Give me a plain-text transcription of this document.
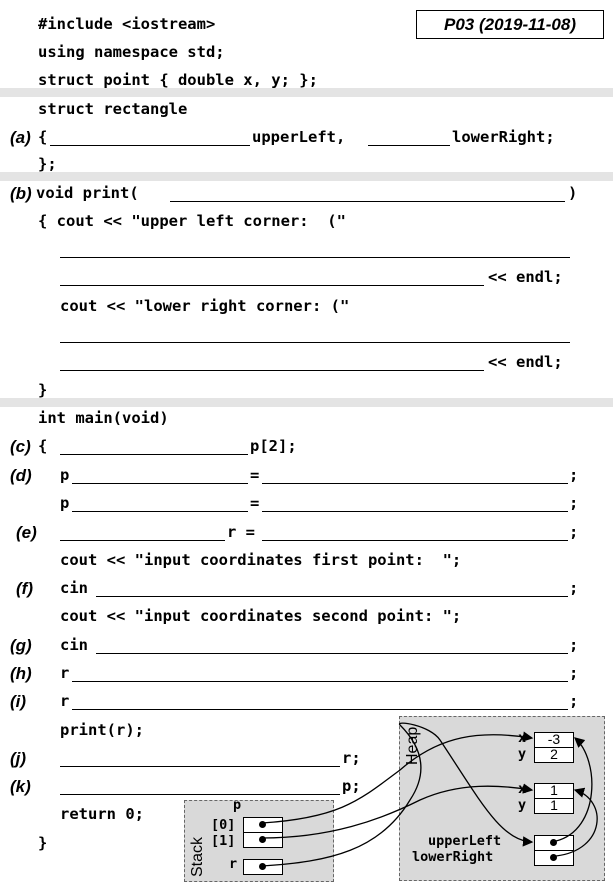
P03 (2019-11-08)
#include <iostream>
using namespace std;
struct point { double x, y; };
struct rectangle
(a) {	upperLeft,	lowerRight;
};
(b) void print(	)
{ cout << "upper left corner:  ("
<< endl;
cout << "lower right corner: ("
<< endl;
}
int main(void)
(c) {	p[2];
(d) p	=	;
p	=	;
(e)	r =	;
cout << "input coordinates first point:  ";
(f) cin	;
cout << "input coordinates second point: ";
(g) cin	;
(h) r	;
(i) r	;
print(r);
(j)	r;
(k)	p;
return 0;
}	Stack
p
[0]
[1]
r
Heap	x
y
-3
2
x
y
1
1
upperLeft
lowerRight
